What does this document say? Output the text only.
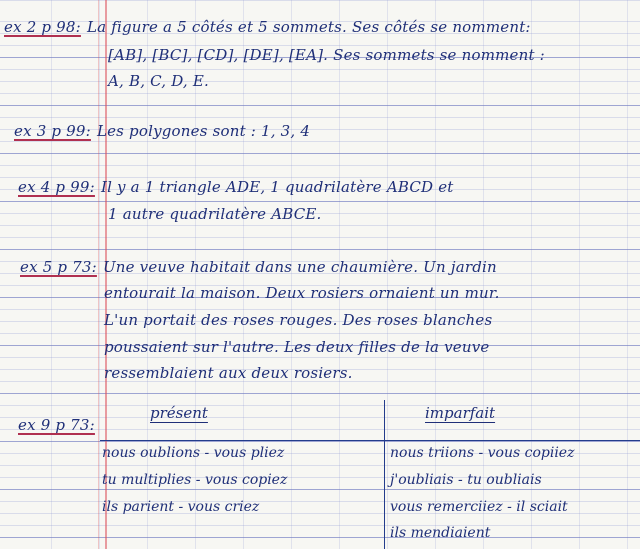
ex 2 p 98: La figure a 5 côtés et 5 sommets. Ses côtés se nomment:
[AB], [BC], [CD], [DE], [EA]. Ses sommets se nomment :
A, B, C, D, E.
ex 3 p 99: Les polygones sont : 1, 3, 4
ex 4 p 99: Il y a 1 triangle ADE, 1 quadrilatère ABCD et
1 autre quadrilatère ABCE.
ex 5 p 73: Une veuve habitait dans une chaumière. Un jardin
entourait la maison. Deux rosiers ornaient un mur.
L'un portait des roses rouges. Des roses blanches
poussaient sur l'autre. Les deux filles de la veuve
ressemblaient aux deux rosiers.
ex 9 p 73:
présent	imparfait
nous oublions - vous pliez
tu multiplies - vous copiez
ils parient - vous criez
nous triions - vous copiiez
j'oubliais - tu oubliais
vous remerciiez - il sciait
ils mendiaient
